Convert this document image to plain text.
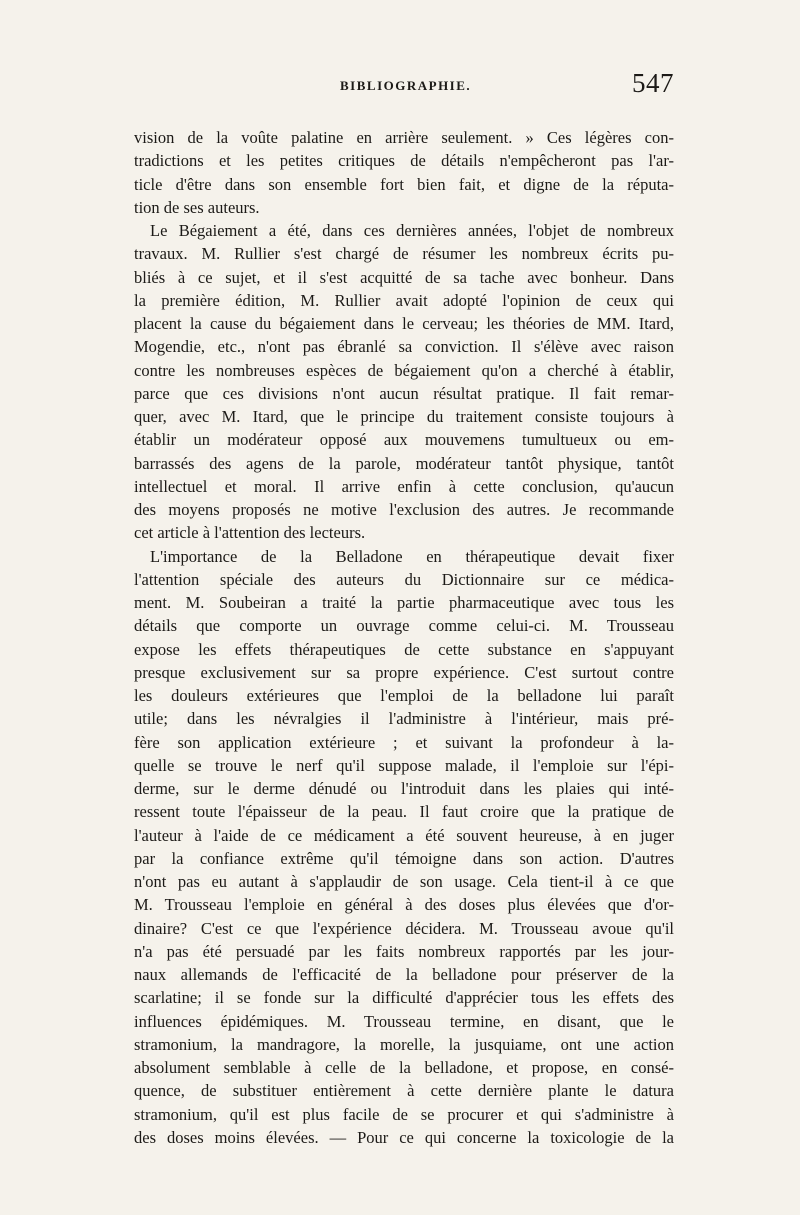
BIBLIOGRAPHIE.	547
vision de la voûte palatine en arrière seulement. » Ces légères con-
tradictions et les petites critiques de détails n'empêcheront pas l'ar-
ticle d'être dans son ensemble fort bien fait, et digne de la réputa-
tion de ses auteurs.
Le Bégaiement a été, dans ces dernières années, l'objet de nombreux
travaux. M. Rullier s'est chargé de résumer les nombreux écrits pu-
bliés à ce sujet, et il s'est acquitté de sa tache avec bonheur. Dans
la première édition, M. Rullier avait adopté l'opinion de ceux qui
placent la cause du bégaiement dans le cerveau; les théories de MM. Itard,
Mogendie, etc., n'ont pas ébranlé sa conviction. Il s'élève avec raison
contre les nombreuses espèces de bégaiement qu'on a cherché à établir,
parce que ces divisions n'ont aucun résultat pratique. Il fait remar-
quer, avec M. Itard, que le principe du traitement consiste toujours à
établir un modérateur opposé aux mouvemens tumultueux ou em-
barrassés des agens de la parole, modérateur tantôt physique, tantôt
intellectuel et moral. Il arrive enfin à cette conclusion, qu'aucun
des moyens proposés ne motive l'exclusion des autres. Je recommande
cet article à l'attention des lecteurs.
L'importance de la Belladone en thérapeutique devait fixer
l'attention spéciale des auteurs du Dictionnaire sur ce médica-
ment. M. Soubeiran a traité la partie pharmaceutique avec tous les
détails que comporte un ouvrage comme celui-ci. M. Trousseau
expose les effets thérapeutiques de cette substance en s'appuyant
presque exclusivement sur sa propre expérience. C'est surtout contre
les douleurs extérieures que l'emploi de la belladone lui paraît
utile; dans les névralgies il l'administre à l'intérieur, mais pré-
fère son application extérieure ; et suivant la profondeur à la-
quelle se trouve le nerf qu'il suppose malade, il l'emploie sur l'épi-
derme, sur le derme dénudé ou l'introduit dans les plaies qui inté-
ressent toute l'épaisseur de la peau. Il faut croire que la pratique de
l'auteur à l'aide de ce médicament a été souvent heureuse, à en juger
par la confiance extrême qu'il témoigne dans son action. D'autres
n'ont pas eu autant à s'applaudir de son usage. Cela tient-il à ce que
M. Trousseau l'emploie en général à des doses plus élevées que d'or-
dinaire? C'est ce que l'expérience décidera. M. Trousseau avoue qu'il
n'a pas été persuadé par les faits nombreux rapportés par les jour-
naux allemands de l'efficacité de la belladone pour préserver de la
scarlatine; il se fonde sur la difficulté d'apprécier tous les effets des
influences épidémiques. M. Trousseau termine, en disant, que le
stramonium, la mandragore, la morelle, la jusquiame, ont une action
absolument semblable à celle de la belladone, et propose, en consé-
quence, de substituer entièrement à cette dernière plante le datura
stramonium, qu'il est plus facile de se procurer et qui s'administre à
des doses moins élevées. — Pour ce qui concerne la toxicologie de la
